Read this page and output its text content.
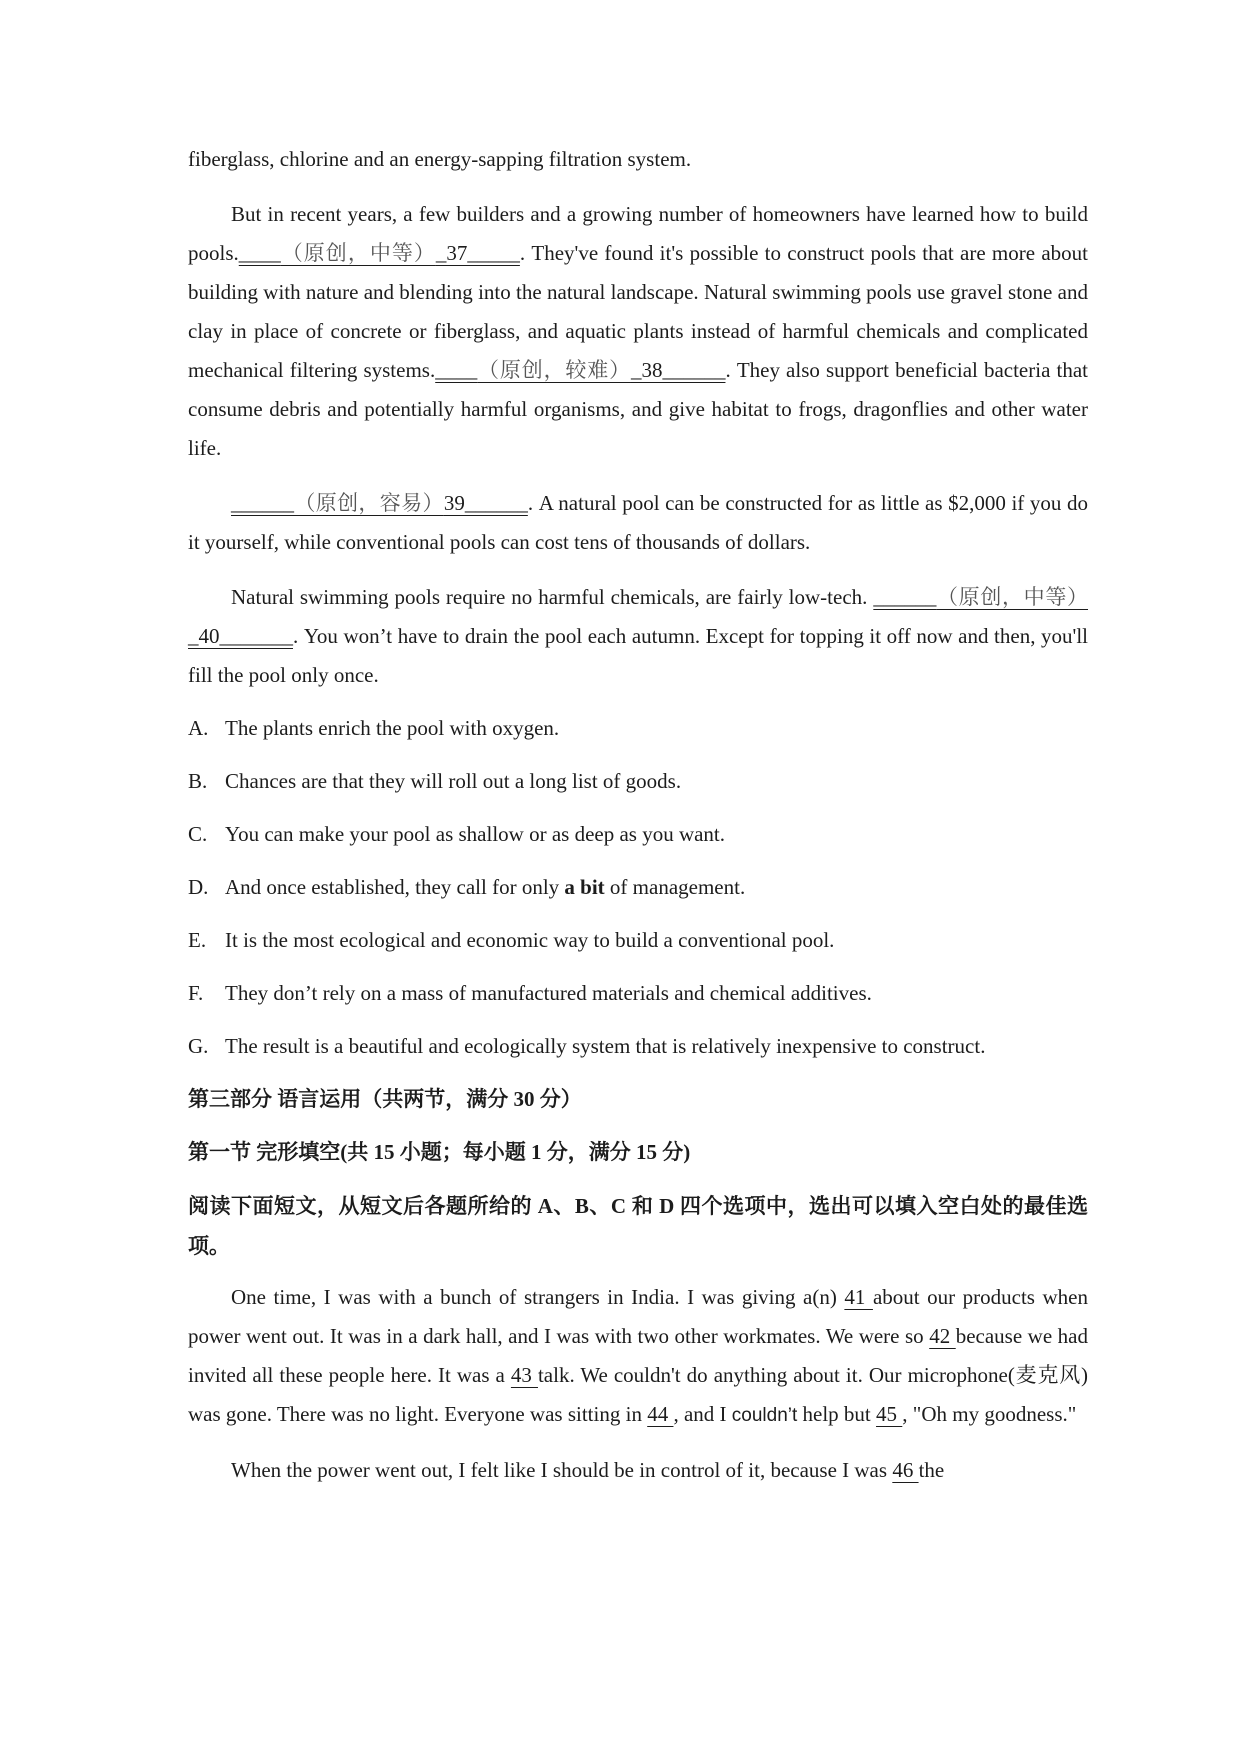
fiberglass, chlorine and an energy-sapping filtration system.

But in recent years, a few builders and a growing number of homeowners have learned how to build pools.____（原创，中等）_37_____. They've found it's possible to construct pools that are more about building with nature and blending into the natural landscape. Natural swimming pools use gravel stone and clay in place of concrete or fiberglass, and aquatic plants instead of harmful chemicals and complicated mechanical filtering systems.____（原创，较难）_38______. They also support beneficial bacteria that consume debris and potentially harmful organisms, and give habitat to frogs, dragonflies and other water life.

______（原创，容易）39______. A natural pool can be constructed for as little as $2,000 if you do it yourself, while conventional pools can cost tens of thousands of dollars.

Natural swimming pools require no harmful chemicals, are fairly low-tech. ______（原创，中等）_40_______. You won’t have to drain the pool each autumn. Except for topping it off now and then, you'll fill the pool only once.

A. The plants enrich the pool with oxygen.
B. Chances are that they will roll out a long list of goods.
C. You can make your pool as shallow or as deep as you want.
D. And once established, they call for only a bit of management.
E. It is the most ecological and economic way to build a conventional pool.
F.	They don’t rely on a mass of manufactured materials and chemical additives.
G. The result is a beautiful and ecologically system that is relatively inexpensive to construct.

第三部分 语言运用（共两节，满分 30 分）

第一节 完形填空(共 15 小题；每小题 1 分，满分 15 分)

阅读下面短文，从短文后各题所给的 A、B、C 和 D 四个选项中，选出可以填入空白处的最佳选项。

One time, I was with a bunch of strangers in India. I was giving a(n) 41 about our products when power went out. It was in a dark hall, and I was with two other workmates. We were so 42 because we had invited all these people here. It was a 43 talk. We couldn't do anything about it. Our microphone(麦克风) was gone. There was no light. Everyone was sitting in 44 , and I couldn’t help but 45 , "Oh my goodness."

When the power went out, I felt like I should be in control of it, because I was 46 the
